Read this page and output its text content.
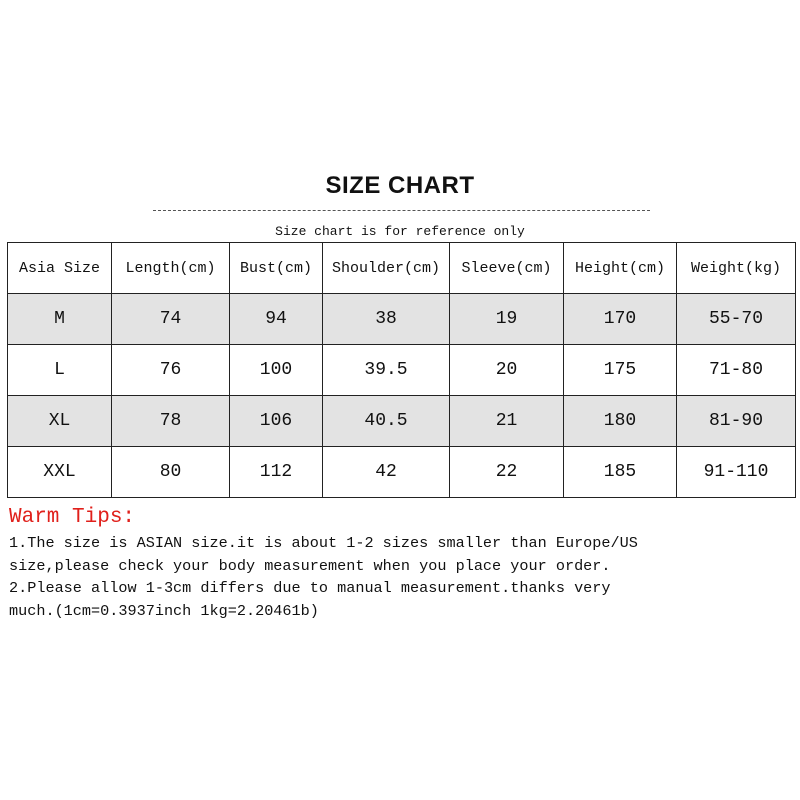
SIZE CHART
Size chart is for reference only
Asia Size	Length(cm)	Bust(cm)	Shoulder(cm)	Sleeve(cm)	Height(cm)	Weight(kg)
M	74	94	38	19	170	55-70
L	76	100	39.5	20	175	71-80
XL	78	106	40.5	21	180	81-90
XXL	80	112	42	22	185	91-110
Warm Tips:
1.The size is ASIAN size.it is about 1-2 sizes smaller than Europe/US
size,please check your body measurement when you place your order.
2.Please allow 1-3cm differs due to manual measurement.thanks very
much.(1cm=0.3937inch 1kg=2.20461b)
